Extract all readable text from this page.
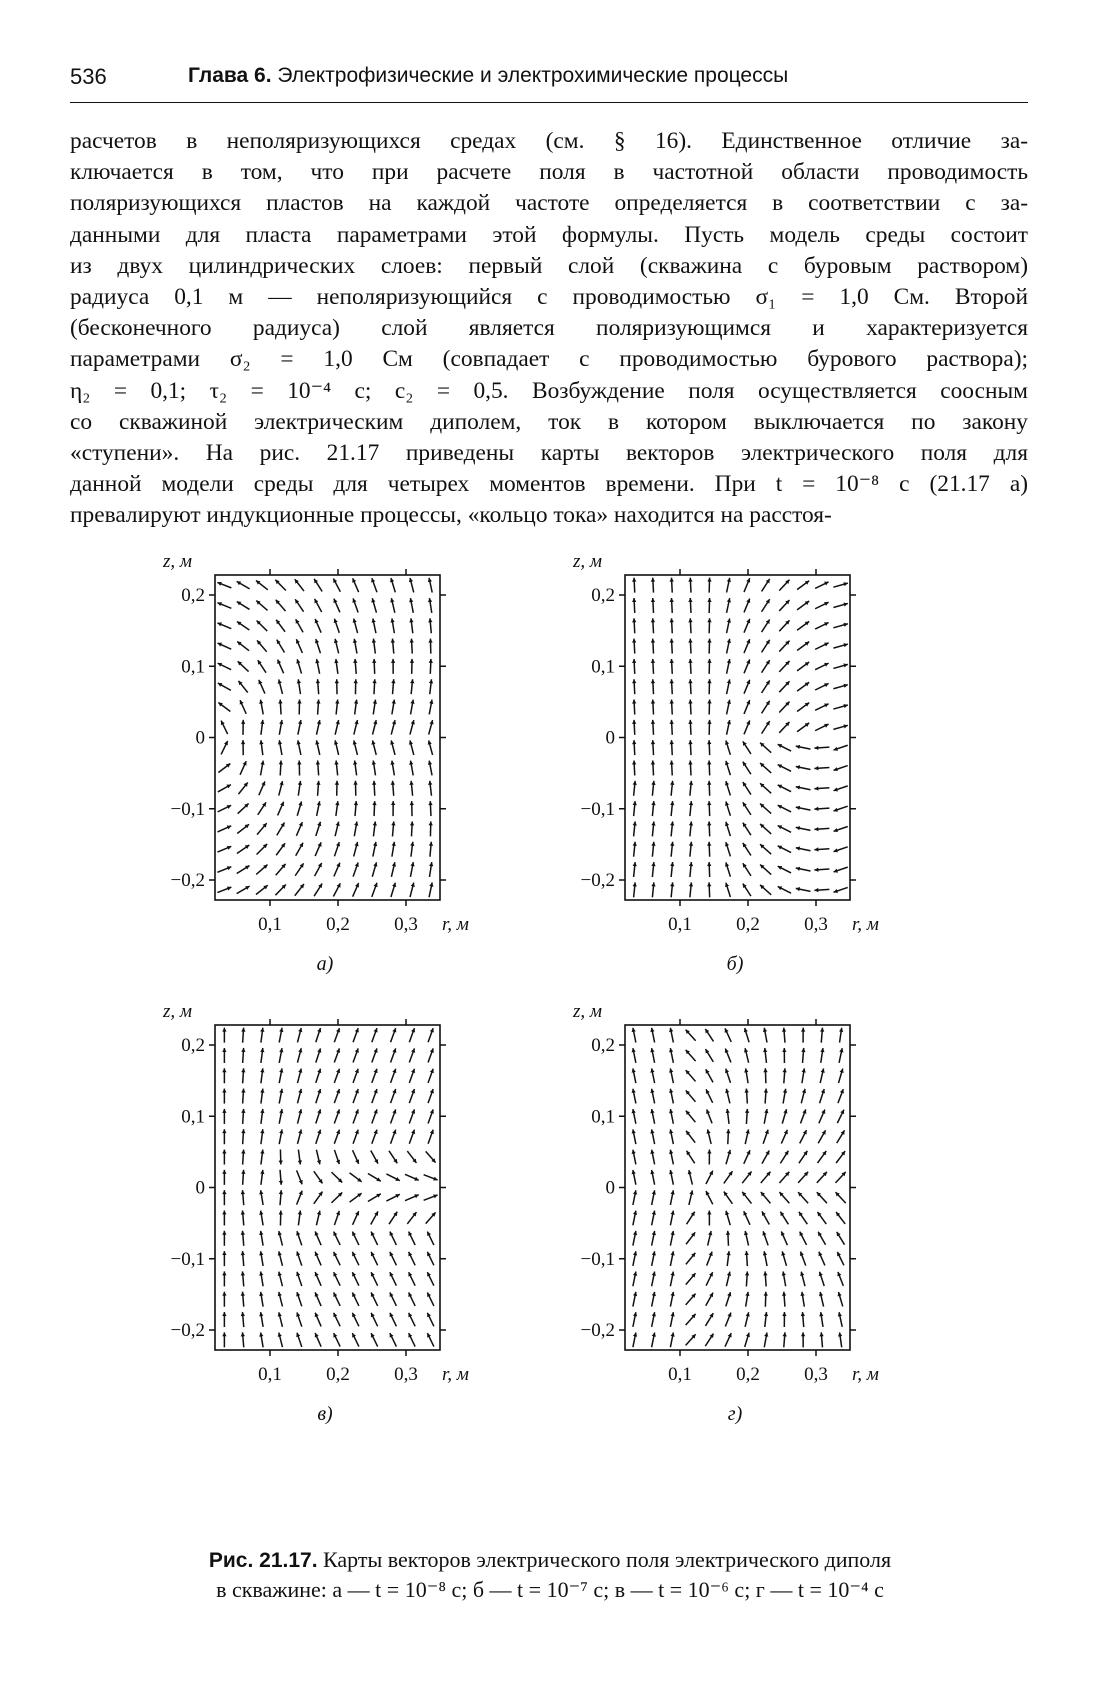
536	Глава 6. Электрофизические и электрохимические процессы
расчетов в неполяризующихся средах (см. § 16). Единственное отличие за-
ключается в том, что при расчете поля в частотной области проводимость
поляризующихся пластов на каждой частоте определяется в соответствии с за-
данными для пласта параметрами этой формулы. Пусть модель среды состоит
из двух цилиндрических слоев: первый слой (скважина с буровым раствором)
радиуса 0,1 м — неполяризующийся с проводимостью σ₁ = 1,0 См. Второй
(бесконечного радиуса) слой является поляризующимся и характеризуется
параметрами σ₂ = 1,0 См (совпадает с проводимостью бурового раствора);
η₂ = 0,1; τ₂ = 10⁻⁴ с; c₂ = 0,5. Возбуждение поля осуществляется соосным
со скважиной электрическим диполем, ток в котором выключается по закону
«ступени». На рис. 21.17 приведены карты векторов электрического поля для
данной модели среды для четырех моментов времени. При t = 10⁻⁸ с (21.17 а)
превалируют индукционные процессы, «кольцо тока» находится на расстоя-
z, м
0,2
0,1
0
−0,1
−0,2
0,1 0,2 0,3 r, м
а)
z, м
0,2
0,1
0
−0,1
−0,2
0,1 0,2 0,3 r, м
б)
z, м
0,2
0,1
0
−0,1
−0,2
0,1 0,2 0,3 r, м
в)
z, м
0,2
0,1
0
−0,1
−0,2
0,1 0,2 0,3 r, м
г)
Рис. 21.17. Карты векторов электрического поля электрического диполя
в скважине: а — t = 10⁻⁸ с; б — t = 10⁻⁷ с; в — t = 10⁻⁶ с; г — t = 10⁻⁴ с
